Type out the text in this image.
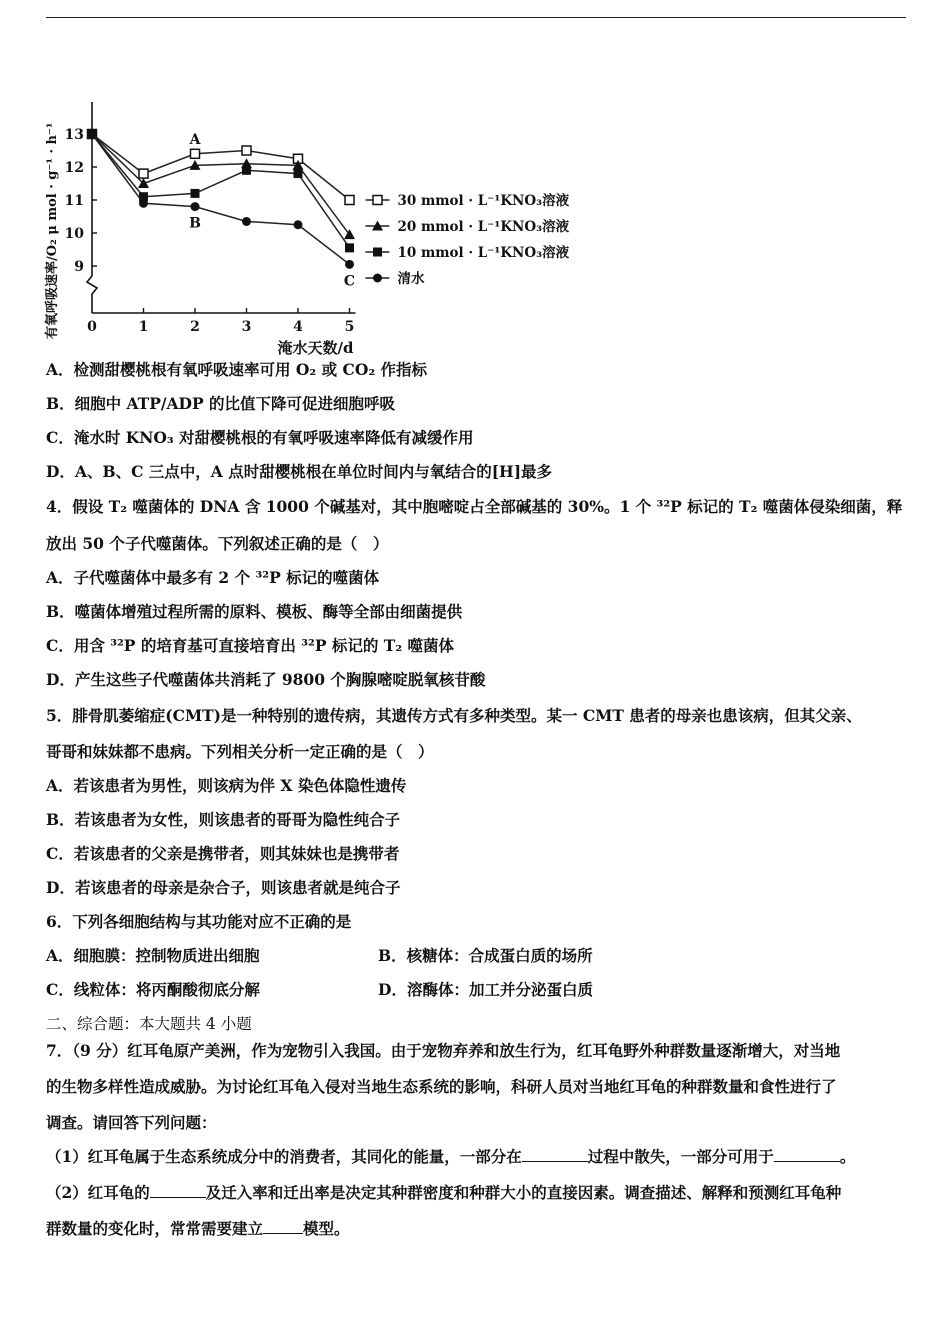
9
10
11
12
13
0	1	2	3	4	5
淹水天数/d
有氧呼吸速率/O₂ μ mol · g⁻¹ · h⁻¹	30 mmol · L⁻¹KNO₃溶液
20 mmol · L⁻¹KNO₃溶液
10 mmol · L⁻¹KNO₃溶液
清水
A
B
C
A．检测甜樱桃根有氧呼吸速率可用 O₂ 或 CO₂ 作指标
B．细胞中 ATP/ADP 的比值下降可促进细胞呼吸
C．淹水时 KNO₃ 对甜樱桃根的有氧呼吸速率降低有减缓作用
D．A、B、C 三点中，A 点时甜樱桃根在单位时间内与氧结合的[H]最多
4．假设 T₂ 噬菌体的 DNA 含 1000 个碱基对，其中胞嘧啶占全部碱基的 30%。1 个 ³²P 标记的 T₂ 噬菌体侵染细菌，释
放出 50 个子代噬菌体。下列叙述正确的是（　）
A．子代噬菌体中最多有 2 个 ³²P 标记的噬菌体
B．噬菌体增殖过程所需的原料、模板、酶等全部由细菌提供
C．用含 ³²P 的培育基可直接培育出 ³²P 标记的 T₂ 噬菌体
D．产生这些子代噬菌体共消耗了 9800 个胸腺嘧啶脱氧核苷酸
5．腓骨肌萎缩症(CMT)是一种特别的遗传病，其遗传方式有多种类型。某一 CMT 患者的母亲也患该病，但其父亲、
哥哥和妹妹都不患病。下列相关分析一定正确的是（　）
A．若该患者为男性，则该病为伴 X 染色体隐性遗传
B．若该患者为女性，则该患者的哥哥为隐性纯合子
C．若该患者的父亲是携带者，则其妹妹也是携带者
D．若该患者的母亲是杂合子，则该患者就是纯合子
6．下列各细胞结构与其功能对应不正确的是
A．细胞膜：控制物质进出细胞	B．核糖体：合成蛋白质的场所
C．线粒体：将丙酮酸彻底分解	D．溶酶体：加工并分泌蛋白质
二、综合题：本大题共 4 小题
7．（9 分）红耳龟原产美洲，作为宠物引入我国。由于宠物弃养和放生行为，红耳龟野外种群数量逐渐增大，对当地
的生物多样性造成威胁。为讨论红耳龟入侵对当地生态系统的影响，科研人员对当地红耳龟的种群数量和食性进行了
调查。请回答下列问题：
（1）红耳龟属于生态系统成分中的消费者，其同化的能量，一部分在	过程中散失，一部分可用于	。
（2）红耳龟的	及迁入率和迁出率是决定其种群密度和种群大小的直接因素。调查描述、解释和预测红耳龟种
群数量的变化时，常常需要建立	模型。
